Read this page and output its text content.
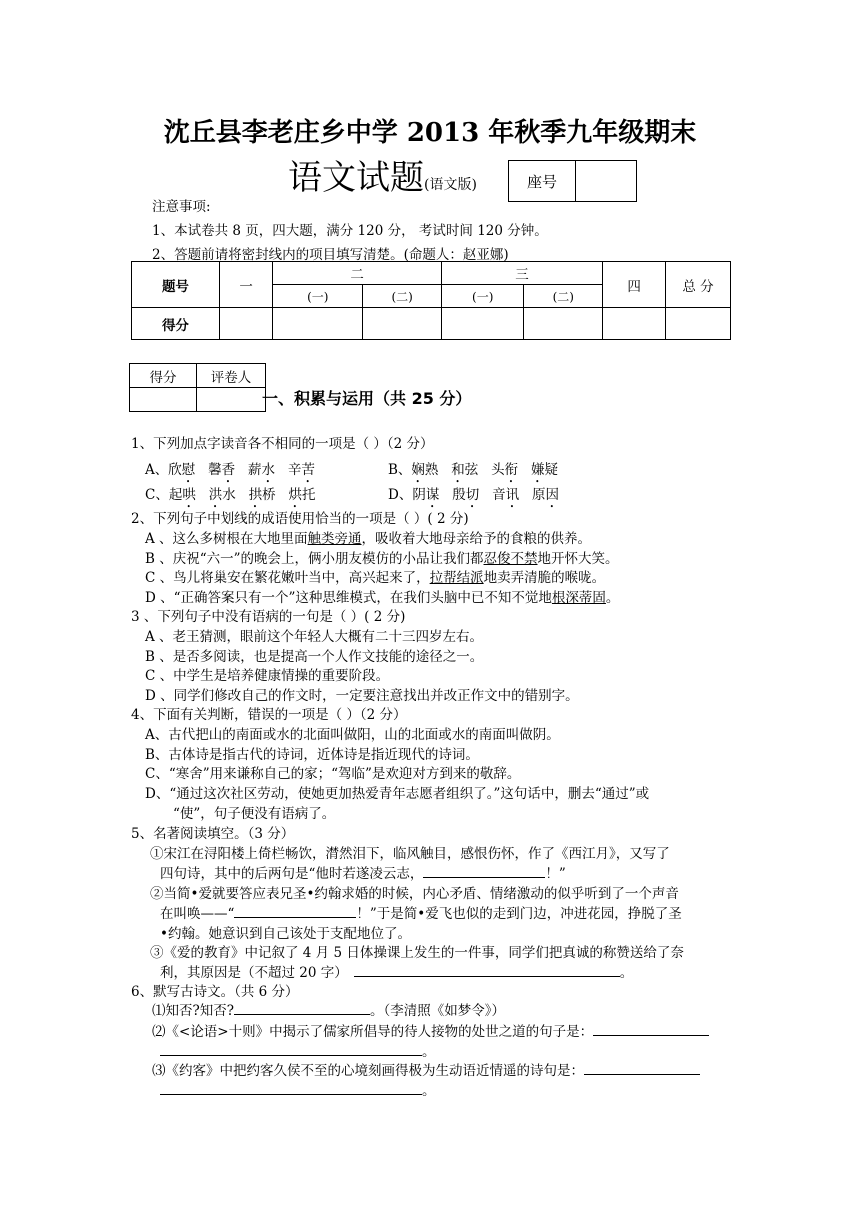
沈丘县李老庄乡中学 2013 年秋季九年级期末
语文试题(语文版)	座号	
注意事项:
1、本试卷共 8 页，四大题，满分 120 分， 考试时间 120 分钟。
2、答题前请将密封线内的项目填写清楚。(命题人：赵亚娜)
题号	一	二		三		四	总 分
		(一)	(二)	(一)	(二)		
得分							
得分	评卷人

一、积累与运用（共 25 分）
1、下列加点字读音各不相同的一项是（ ）（2 分）
A、欣慰   馨香   薪水   辛苦	B、娴熟   和弦   头衔 嫌疑
C、起哄 洪水   拱桥   烘托	D、阴谋   殷切   音讯   原因
2、下列句子中划线的成语使用恰当的一项是（ ）( 2 分)
A 、这么多树根在大地里面触类旁通，吸收着大地母亲给予的食粮的供养。
B 、庆祝“六一”的晚会上，俩小朋友模仿的小品让我们都忍俊不禁地开怀大笑。
C 、鸟儿将巢安在繁花嫩叶当中，高兴起来了，拉帮结派地卖弄清脆的喉咙。
D 、“正确答案只有一个”这种思维模式，在我们头脑中已不知不觉地根深蒂固。
3 、下列句子中没有语病的一句是（ ）( 2 分)
A 、老王猜测，眼前这个年轻人大概有二十三四岁左右。
B 、是否多阅读，也是提高一个人作文技能的途径之一。
C 、中学生是培养健康情操的重要阶段。
D 、同学们修改自己的作文时，一定要注意找出并改正作文中的错别字。
4、下面有关判断，错误的一项是（ ）（2 分）
A、古代把山的南面或水的北面叫做阳，山的北面或水的南面叫做阴。
B、古体诗是指古代的诗词，近体诗是指近现代的诗词。
C、“寒舍”用来谦称自己的家；“驾临”是欢迎对方到来的敬辞。
D、“通过这次社区劳动，使她更加热爱青年志愿者组织了。”这句话中，删去“通过”或
“使”，句子便没有语病了。
5、名著阅读填空。（3 分）
①宋江在浔阳楼上倚栏畅饮，潸然泪下，临风触目，感恨伤怀，作了《西江月》，又写了
四句诗，其中的后两句是“他时若遂凌云志，	！”
②当简•爱就要答应表兄圣•约翰求婚的时候，内心矛盾、情绪激动的似乎听到了一个声音
在叫唤——“	！”于是简•爱飞也似的走到门边，冲进花园，挣脱了圣
•约翰。她意识到自己该处于支配地位了。
③《爱的教育》中记叙了 4 月 5 日体操课上发生的一件事，同学们把真诚的称赞送给了奈
利，其原因是（不超过 20 字）	。
6、默写古诗文。（共 6 分）
⑴知否?知否?	。（李清照《如梦令》）
⑵《<论语>十则》中揭示了儒家所倡导的待人接物的处世之道的句子是：
。
⑶《约客》中把约客久侯不至的心境刻画得极为生动语近情遥的诗句是：
。
